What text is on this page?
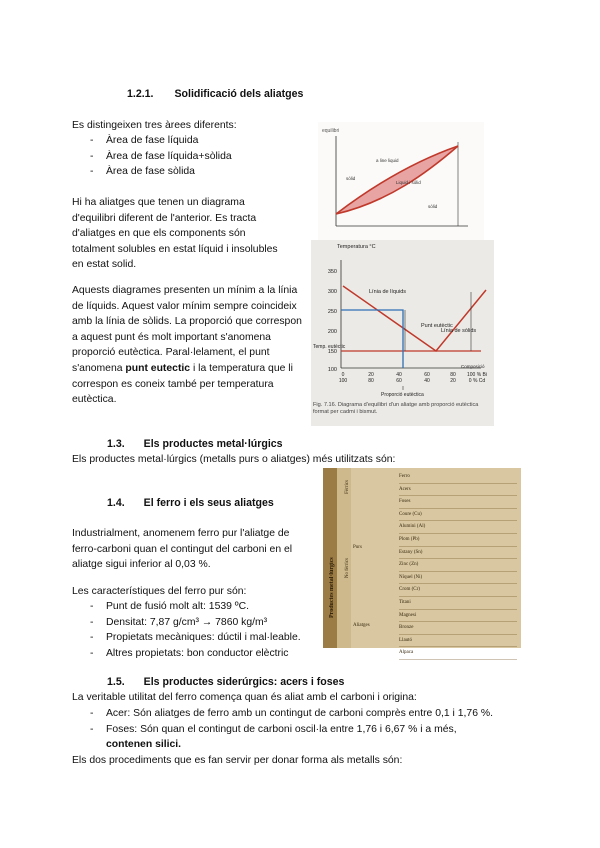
1.2.1. Solidificació dels aliatges

Es distingeixen tres àrees diferents:

- Àrea de fase líquida
- Àrea de fase líquida+sòlida
- Àrea de fase sòlida

Hi ha aliatges que tenen un diagrama

d'equilibri diferent de l'anterior. Es tracta

d'aliatges en que els components són

totalment solubles en estat líquid i insolubles

en estat solid.

Aquests diagrames presenten un mínim a la línia

de líquids. Aquest valor mínim sempre coincideix

amb la línia de sòlids. La proporció que correspon

a aquest punt és molt important s'anomena

proporció eutèctica. Paral·lelament, el punt

s'anomena punt eutectic i la temperatura que li

correspon es coneix també per temperatura

eutèctica.

equilibri
a line liquid
sólid
Liquid i sólid
sólid
Temperatura °C
350
300
250
200
150
100
Línia de líquids
Punt eutèctic
Línia de sòlids
Temp. eutèctic
0	20	40	60	80 100 % Bi
100	80	60	40	20	0 % Cd
Composició
Proporció eutèctica
Fig. 7.16. Diagrama d'equilibri d'un aliatge amb proporció eutèctica format per cadmi i bismut.
1.3. Els productes metal·lúrgics

Els productes metal·lúrgics (metalls purs o aliatges) més utilitzats són:

1.4. El ferro i els seus aliatges

Industrialment, anomenem ferro pur l'aliatge de

ferro-carboni quan el contingut del carboni en el

aliatge sigui inferior al 0,03 %.

Les característiques del ferro pur són:

- Punt de fusió molt alt: 1539 ºC.
- Densitat: 7,87 g/cm³ → 7860 kg/m³
- Propietats mecàniques: dúctil i mal·leable.
- Altres propietats: bon conductor elèctric
Productes metal·lúrgics
Fèrrics
No fèrrics
Purs
Aliatges
Ferro
Acers
Foses
Coure (Cu)
Alumini (Al)
Plom (Pb)
Estany (Sn)
Zinc (Zn)
Níquel (Ni)
Crom (Cr)
Titani
Magnesi
Bronze
Llautó
Alpaca
1.5. Els productes siderúrgics: acers i foses

La veritable utilitat del ferro comença quan és aliat amb el carboni i origina:

- Acer: Són aliatges de ferro amb un contingut de carboni comprès entre 0,1 i 1,76 %.
- Foses: Són quan el contingut de carboni oscil·la entre 1,76 i 6,67 % i a més,
contenen silici.

Els dos procediments que es fan servir per donar forma als metalls són:
